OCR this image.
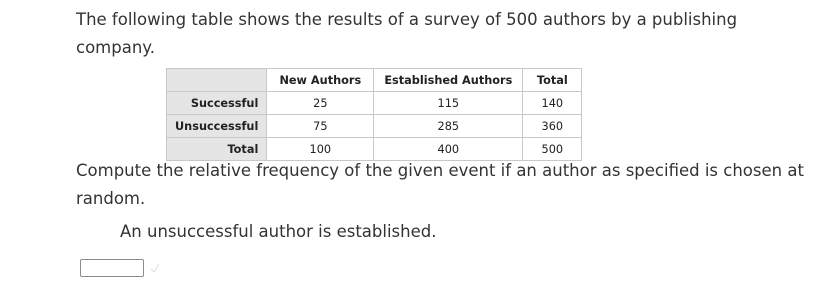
The following table shows the results of a survey of 500 authors by a publishing company.
	New Authors	Established Authors	Total
Successful	25	115	140
Unsuccessful	75	285	360
Total	100	400	500
Compute the relative frequency of the given event if an author as specified is chosen at random.
An unsuccessful author is established.
